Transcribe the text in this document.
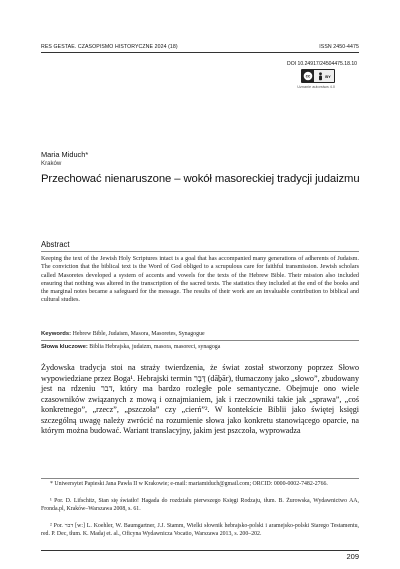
RES GESTAE. CZASOPISMO HISTORYCZNE 2024 (18)	ISSN 2450-4475
DOI 10.24917/24504475.18.10
cc	BY
Uznanie autorstwa 4.0
Maria Miduch*
Kraków
Przechować nienaruszone – wokół masoreckiej tradycji judaizmu
Abstract
Keeping the text of the Jewish Holy Scriptures intact is a goal that has accompanied many generations of adherents of Judaism. The conviction that the biblical text is the Word of God obliged to a scrupulous care for faithful transmission. Jewish scholars called Masoretes developed a system of accents and vowels for the texts of the Hebrew Bible. Their mission also included ensuring that nothing was altered in the transcription of the sacred texts. The statistics they included at the end of the books and the marginal notes became a safeguard for the message. The results of their work are an invaluable contribution to biblical and cultural studies.
Keywords: Hebrew Bible, Judaism, Masora, Masoretes, Synagogue
Słowa kluczowe: Biblia Hebrajska, judaizm, masora, masoreci, synagoga
Żydowska tradycja stoi na straży twierdzenia, że świat został stworzony poprzez Słowo wypowiedziane przez Boga¹. Hebrajski termin דָּבָר (dāḇār), tłumaczony jako „słowo”, zbudowany jest na rdzeniu דבר, który ma bardzo rozległe pole semantyczne. Obejmuje ono wiele czasowników związanych z mową i oznajmianiem, jak i rzeczowniki takie jak „sprawa”, „coś konkretnego”, „rzecz”, „pszczoła” czy „cierń”². W kontekście Biblii jako świętej księgi szczególną uwagę należy zwrócić na rozumienie słowa jako konkretu stanowiącego oparcie, na którym można budować. Wariant translacyjny, jakim jest pszczoła, wyprowadza
* Uniwersytet Papieski Jana Pawła II w Krakowie; e-mail: mariamiduch@gmail.com; ORCID: 0000-0002-7482-2766.
¹ Por. D. Lifschitz, Stan się światło! Hagada do rozdziału pierwszego Księgi Rodzaju, tłum. B. Żurowska, Wydawnictwo AA, Fronda.pl, Kraków–Warszawa 2008, s. 61.
² Por. דבר [w:] L. Koehler, W. Baumgartner, J.J. Stamm, Wielki słownik hebrajsko-polski i aramejsko-polski Starego Testamentu, red. P. Dec, tłum. K. Madaj et. al., Oficyna Wydawnicza Vocatio, Warszawa 2013, s. 200–202.
209
